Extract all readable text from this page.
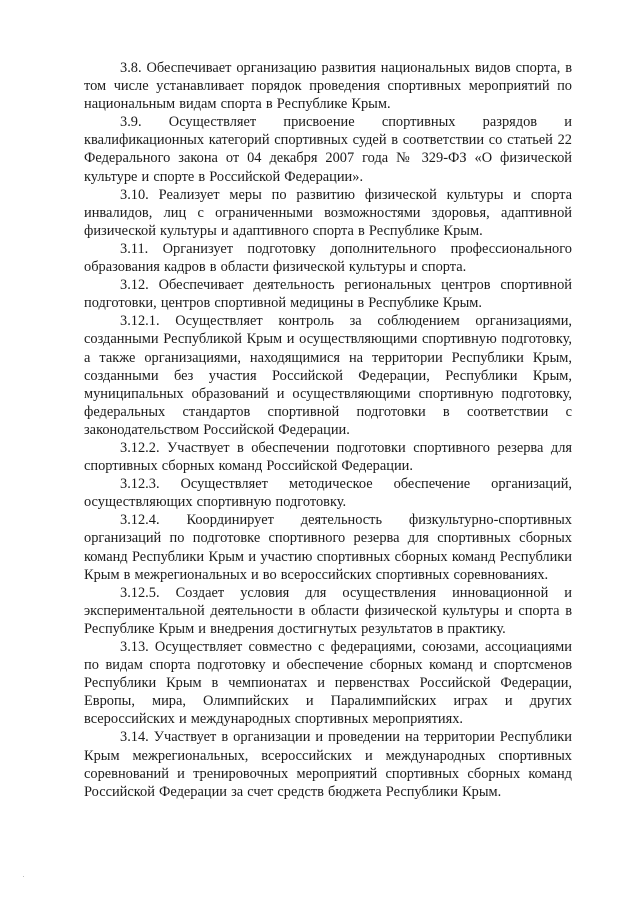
3.8. Обеспечивает организацию развития национальных видов спорта, в том числе устанавливает порядок проведения спортивных мероприятий по национальным видам спорта в Республике Крым.

3.9. Осуществляет присвоение спортивных разрядов и квалификационных категорий спортивных судей в соответствии со статьей 22 Федерального закона от 04 декабря 2007 года № 329-ФЗ «О физической культуре и спорте в Российской Федерации».

3.10. Реализует меры по развитию физической культуры и спорта инвалидов, лиц с ограниченными возможностями здоровья, адаптивной физической культуры и адаптивного спорта в Республике Крым.

3.11. Организует подготовку дополнительного профессионального образования кадров в области физической культуры и спорта.

3.12. Обеспечивает деятельность региональных центров спортивной подготовки, центров спортивной медицины в Республике Крым.

3.12.1. Осуществляет контроль за соблюдением организациями, созданными Республикой Крым и осуществляющими спортивную подготовку, а также организациями, находящимися на территории Республики Крым, созданными без участия Российской Федерации, Республики Крым, муниципальных образований и осуществляющими спортивную подготовку, федеральных стандартов спортивной подготовки в соответствии с законодательством Российской Федерации.

3.12.2. Участвует в обеспечении подготовки спортивного резерва для спортивных сборных команд Российской Федерации.

3.12.3. Осуществляет методическое обеспечение организаций, осуществляющих спортивную подготовку.

3.12.4. Координирует деятельность физкультурно-спортивных организаций по подготовке спортивного резерва для спортивных сборных команд Республики Крым и участию спортивных сборных команд Республики Крым в межрегиональных и во всероссийских спортивных соревнованиях.

3.12.5. Создает условия для осуществления инновационной и экспериментальной деятельности в области физической культуры и спорта в Республике Крым и внедрения достигнутых результатов в практику.

3.13. Осуществляет совместно с федерациями, союзами, ассоциациями по видам спорта подготовку и обеспечение сборных команд и спортсменов Республики Крым в чемпионатах и первенствах Российской Федерации, Европы, мира, Олимпийских и Паралимпийских играх и других всероссийских и международных спортивных мероприятиях.

3.14. Участвует в организации и проведении на территории Республики Крым межрегиональных, всероссийских и международных спортивных соревнований и тренировочных мероприятий спортивных сборных команд Российской Федерации за счет средств бюджета Республики Крым.
